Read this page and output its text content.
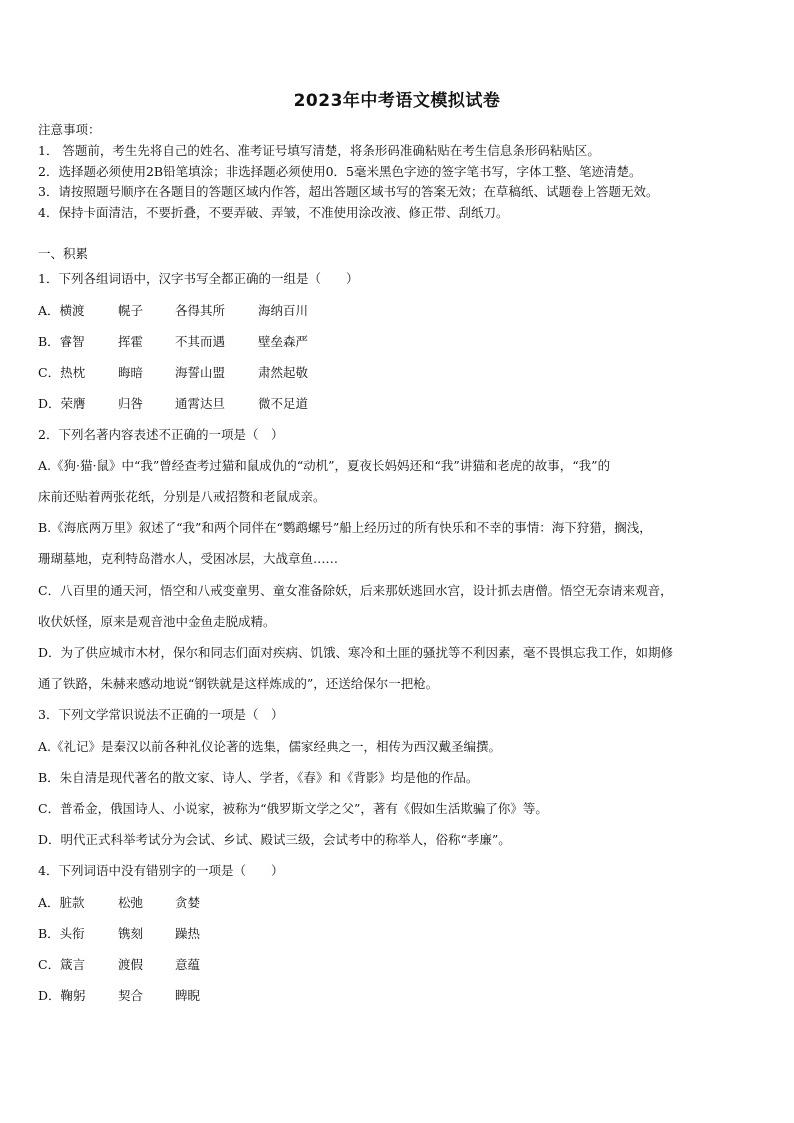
2023年中考语文模拟试卷
注意事项：
1． 答题前，考生先将自己的姓名、准考证号填写清楚，将条形码准确粘贴在考生信息条形码粘贴区。
2．选择题必须使用2B铅笔填涂；非选择题必须使用0．5毫米黑色字迹的签字笔书写，字体工整、笔迹清楚。
3．请按照题号顺序在各题目的答题区域内作答，超出答题区域书写的答案无效；在草稿纸、试题卷上答题无效。
4．保持卡面清洁，不要折叠，不要弄破、弄皱，不准使用涂改液、修正带、刮纸刀。
一、积累
1．下列各组词语中，汉字书写全都正确的一组是（　　）
A．横渡	幌子	各得其所	海纳百川
B．睿智	挥霍	不其而遇	壁垒森严
C．热枕	晦暗	海誓山盟	肃然起敬
D．荣膺	归咎	通霄达旦	微不足道
2．下列名著内容表述不正确的一项是（　）
A.《狗·猫·鼠》中“我”曾经查考过猫和鼠成仇的“动机”，夏夜长妈妈还和“我”讲猫和老虎的故事，“我”的
床前还贴着两张花纸，分别是八戒招赘和老鼠成亲。
B.《海底两万里》叙述了“我”和两个同伴在“鹦鹉螺号”船上经历过的所有快乐和不幸的事情：海下狩猎，搁浅，
珊瑚墓地，克利特岛潜水人，受困冰层，大战章鱼……
C．八百里的通天河，悟空和八戒变童男、童女准备除妖，后来那妖逃回水宫，设计抓去唐僧。悟空无奈请来观音，
收伏妖怪，原来是观音池中金鱼走脱成精。
D．为了供应城市木材，保尔和同志们面对疾病、饥饿、寒冷和土匪的骚扰等不利因素，毫不畏惧忘我工作，如期修
通了铁路，朱赫来感动地说“钢铁就是这样炼成的”，还送给保尔一把枪。
3．下列文学常识说法不正确的一项是（　）
A.《礼记》是秦汉以前各种礼仪论著的选集，儒家经典之一，相传为西汉戴圣编撰。
B．朱自清是现代著名的散文家、诗人、学者，《春》和《背影》均是他的作品。
C．普希金，俄国诗人、小说家，被称为“俄罗斯文学之父”，著有《假如生活欺骗了你》等。
D．明代正式科举考试分为会试、乡试、殿试三级，会试考中的称举人，俗称“孝廉”。
4．下列词语中没有错别字的一项是（　　）
A．脏款	松弛	贪婪
B．头衔	镌刻	躁热
C．箴言	渡假	意蕴
D．鞠躬	契合	睥睨
